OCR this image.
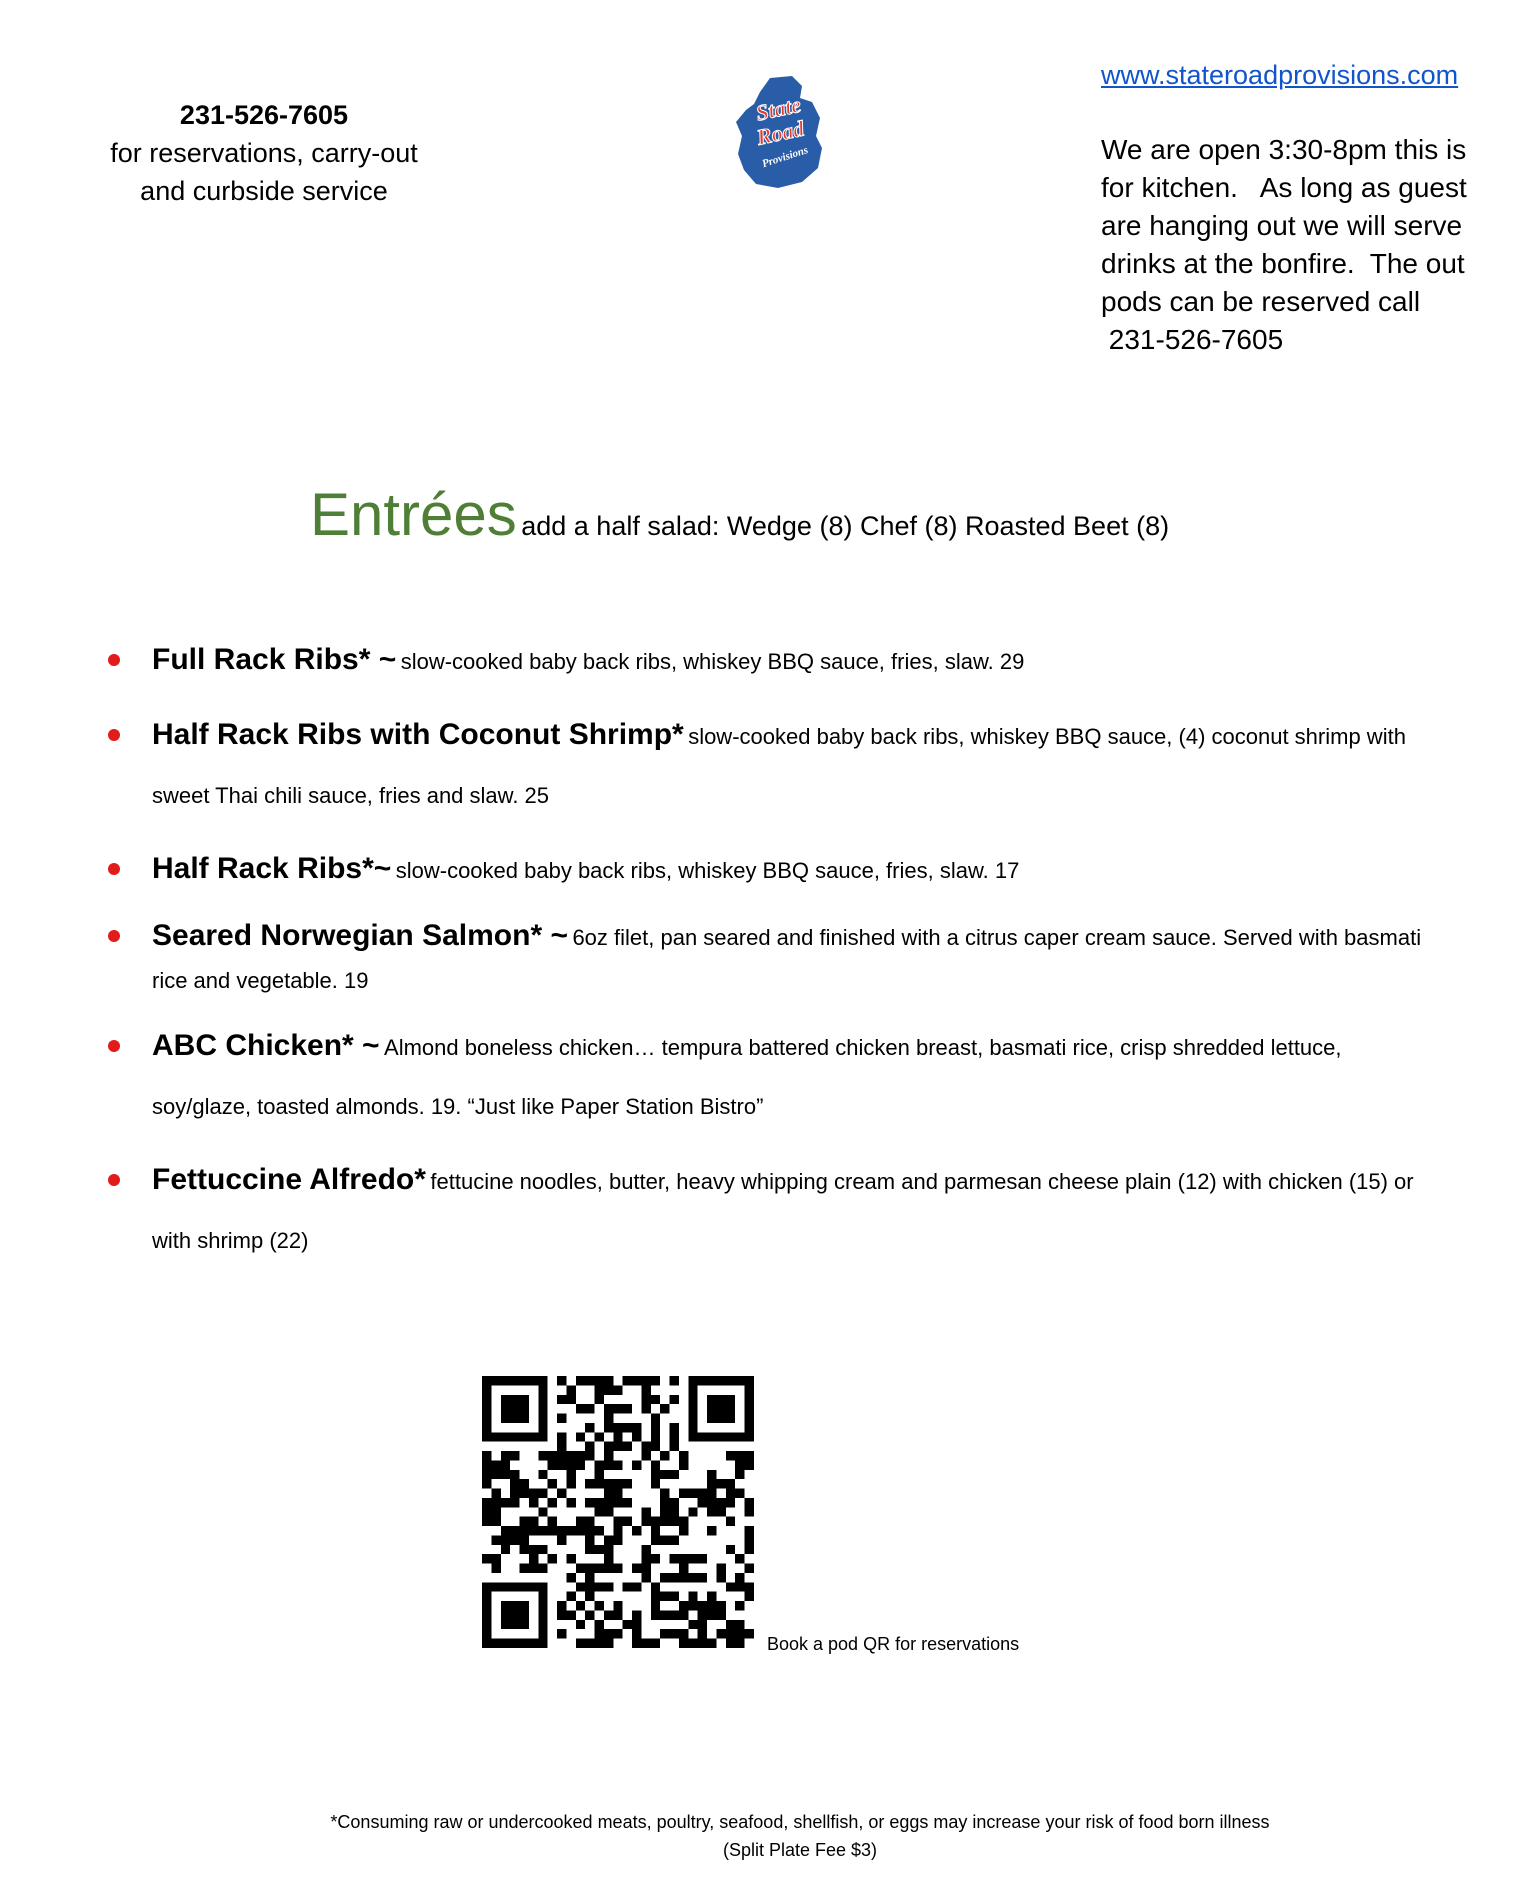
231-526-7605
for reservations, carry-out
and curbside service
State
Road
Provisions
www.stateroadprovisions.com
We are open 3:30-8pm this is
for kitchen.   As long as guest
are hanging out we will serve
drinks at the bonfire.  The out
pods can be reserved call
231-526-7605
Entrées add a half salad: Wedge (8) Chef (8) Roasted Beet (8)
Full Rack Ribs* ~ slow-cooked baby back ribs, whiskey BBQ sauce, fries, slaw. 29
Half Rack Ribs with Coconut Shrimp* slow-cooked baby back ribs, whiskey BBQ sauce, (4) coconut shrimp with sweet Thai chili sauce, fries and slaw. 25
Half Rack Ribs*~ slow-cooked baby back ribs, whiskey BBQ sauce, fries, slaw. 17
Seared Norwegian Salmon* ~ 6oz filet, pan seared and finished with a citrus caper cream sauce. Served with basmati rice and vegetable. 19
ABC Chicken* ~ Almond boneless chicken… tempura battered chicken breast, basmati rice, crisp shredded lettuce, soy/glaze, toasted almonds. 19. “Just like Paper Station Bistro”
Fettuccine Alfredo* fettucine noodles, butter, heavy whipping cream and parmesan cheese plain (12) with chicken (15) or with shrimp (22)
Book a pod QR for reservations
*Consuming raw or undercooked meats, poultry, seafood, shellfish, or eggs may increase your risk of food born illness
(Split Plate Fee $3)
